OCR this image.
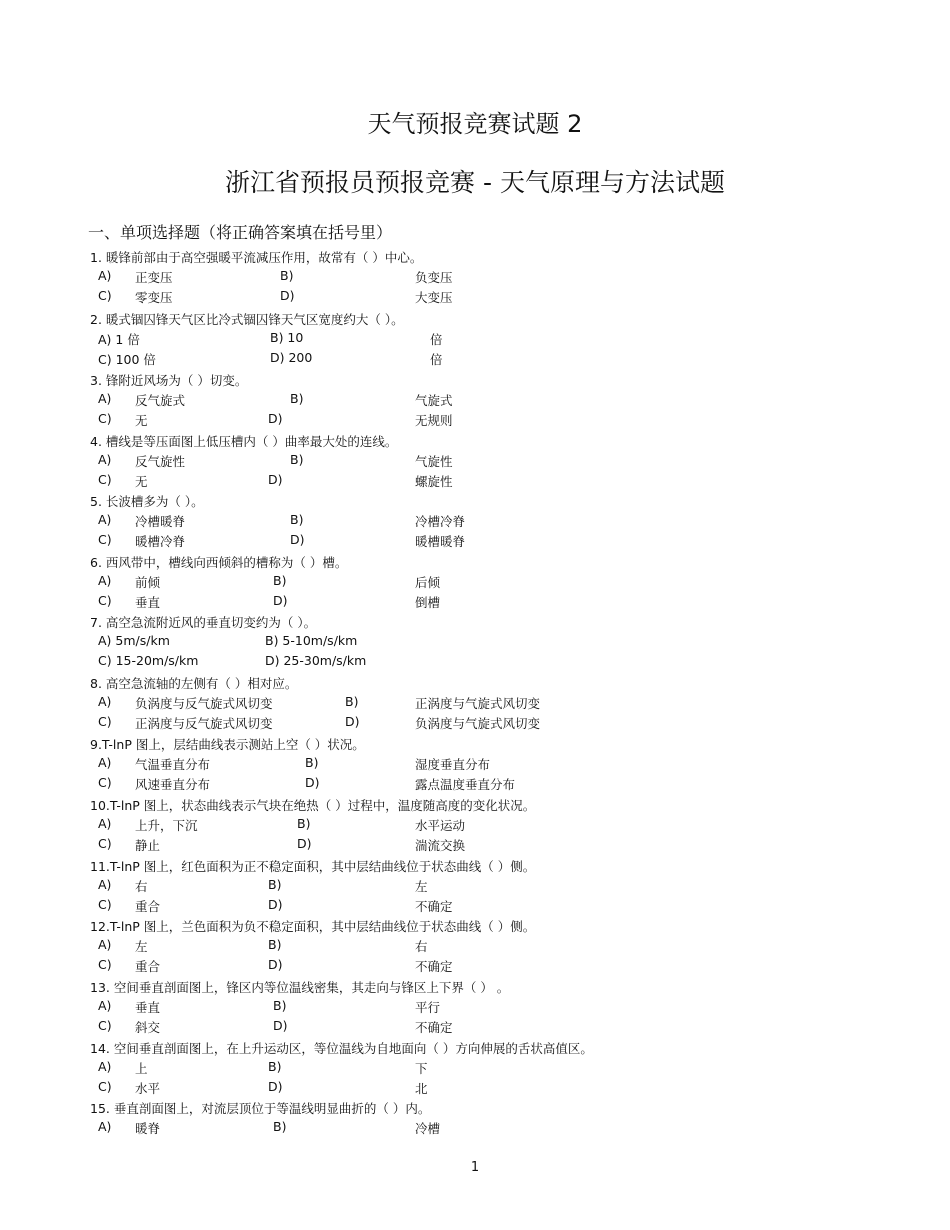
天气预报竞赛试题 2
浙江省预报员预报竞赛 - 天气原理与方法试题
一、单项选择题（将正确答案填在括号里）
1. 暖锋前部由于高空强暖平流减压作用，故常有（ ）中心。
A) 正变压	B)	负变压
C) 零变压	D)	大变压
2. 暖式锢囚锋天气区比冷式锢囚锋天气区宽度约大（ ）。
A) 1 倍	B) 10	倍
C) 100 倍	D) 200	倍
3. 锋附近风场为（ ）切变。
A) 反气旋式	B)	气旋式
C) 无	D)	无规则
4. 槽线是等压面图上低压槽内（ ）曲率最大处的连线。
A) 反气旋性	B)	气旋性
C) 无	D)	螺旋性
5. 长波槽多为（ ）。
A) 冷槽暖脊	B)	冷槽冷脊
C) 暖槽冷脊	D)	暖槽暖脊
6. 西风带中，槽线向西倾斜的槽称为（ ）槽。
A) 前倾	B)	后倾
C) 垂直	D)	倒槽
7. 高空急流附近风的垂直切变约为（ ）。
A) 5m/s/km	B) 5-10m/s/km
C) 15-20m/s/km	D) 25-30m/s/km
8. 高空急流轴的左侧有（ ）相对应。
A) 负涡度与反气旋式风切变	B)	正涡度与气旋式风切变
C) 正涡度与反气旋式风切变	D)	负涡度与气旋式风切变
9.T-lnP 图上，层结曲线表示测站上空（ ）状况。
A) 气温垂直分布	B)	湿度垂直分布
C) 风速垂直分布	D)	露点温度垂直分布
10.T-lnP 图上，状态曲线表示气块在绝热（ ）过程中，温度随高度的变化状况。
A) 上升，下沉	B)	水平运动
C) 静止	D)	湍流交换
11.T-lnP 图上，红色面积为正不稳定面积，其中层结曲线位于状态曲线（ ）侧。
A) 右	B)	左
C) 重合	D)	不确定
12.T-lnP 图上，兰色面积为负不稳定面积，其中层结曲线位于状态曲线（ ）侧。
A) 左	B)	右
C) 重合	D)	不确定
13. 空间垂直剖面图上，锋区内等位温线密集，其走向与锋区上下界（ ） 。
A) 垂直	B)	平行
C) 斜交	D)	不确定
14. 空间垂直剖面图上，在上升运动区，等位温线为自地面向（ ）方向伸展的舌状高值区。
A) 上	B)	下
C) 水平	D)	北
15. 垂直剖面图上，对流层顶位于等温线明显曲折的（ ）内。
A) 暖脊	B)	冷槽
1
